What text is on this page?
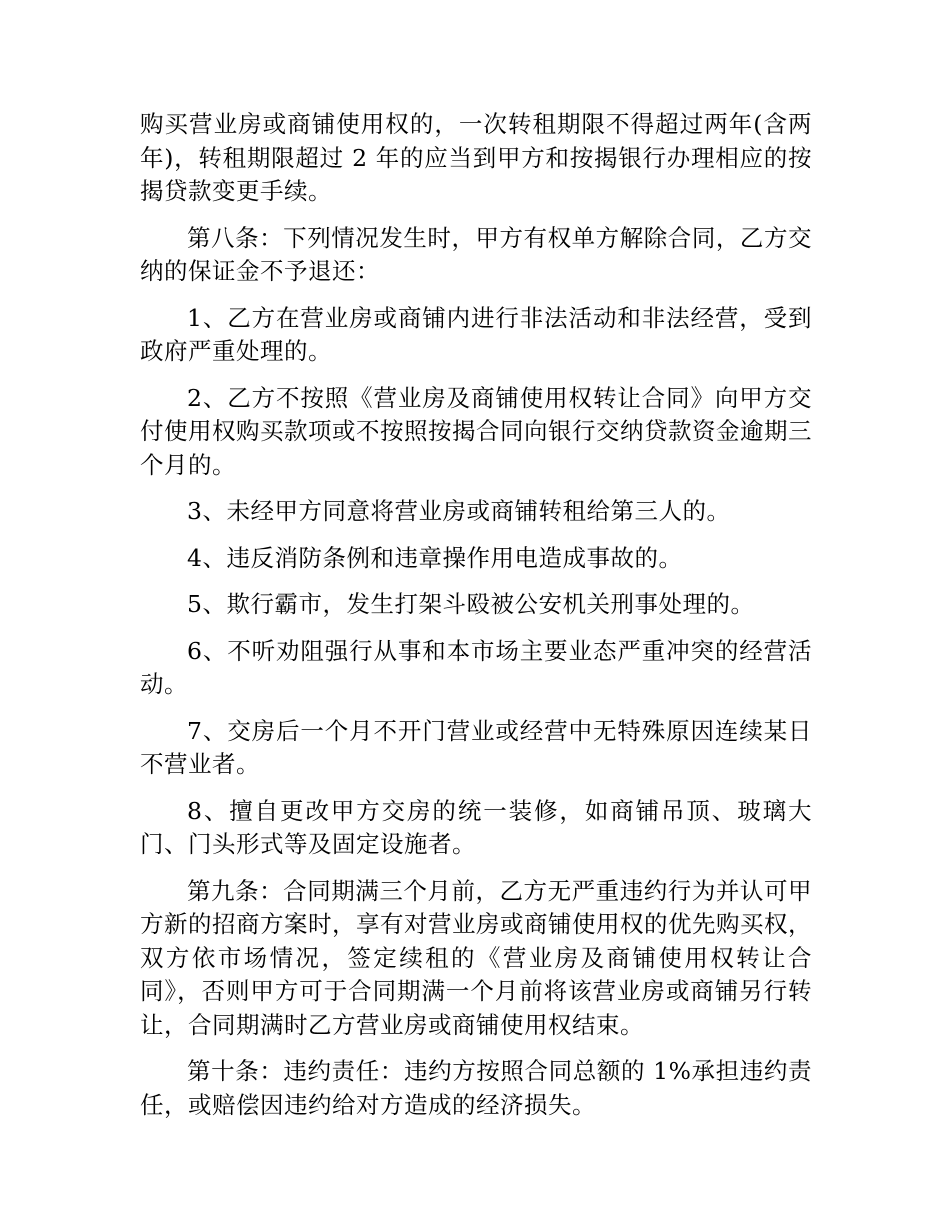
购买营业房或商铺使用权的，一次转租期限不得超过两年(含两年)，转租期限超过 2 年的应当到甲方和按揭银行办理相应的按揭贷款变更手续。

第八条：下列情况发生时，甲方有权单方解除合同，乙方交纳的保证金不予退还：

1、乙方在营业房或商铺内进行非法活动和非法经营，受到政府严重处理的。

2、乙方不按照《营业房及商铺使用权转让合同》向甲方交付使用权购买款项或不按照按揭合同向银行交纳贷款资金逾期三个月的。

3、未经甲方同意将营业房或商铺转租给第三人的。

4、违反消防条例和违章操作用电造成事故的。

5、欺行霸市，发生打架斗殴被公安机关刑事处理的。

6、不听劝阻强行从事和本市场主要业态严重冲突的经营活动。

7、交房后一个月不开门营业或经营中无特殊原因连续某日不营业者。

8、擅自更改甲方交房的统一装修，如商铺吊顶、玻璃大门、门头形式等及固定设施者。

第九条：合同期满三个月前，乙方无严重违约行为并认可甲方新的招商方案时，享有对营业房或商铺使用权的优先购买权，双方依市场情况，签定续租的《营业房及商铺使用权转让合同》，否则甲方可于合同期满一个月前将该营业房或商铺另行转让，合同期满时乙方营业房或商铺使用权结束。

第十条：违约责任：违约方按照合同总额的 1%承担违约责任，或赔偿因违约给对方造成的经济损失。
